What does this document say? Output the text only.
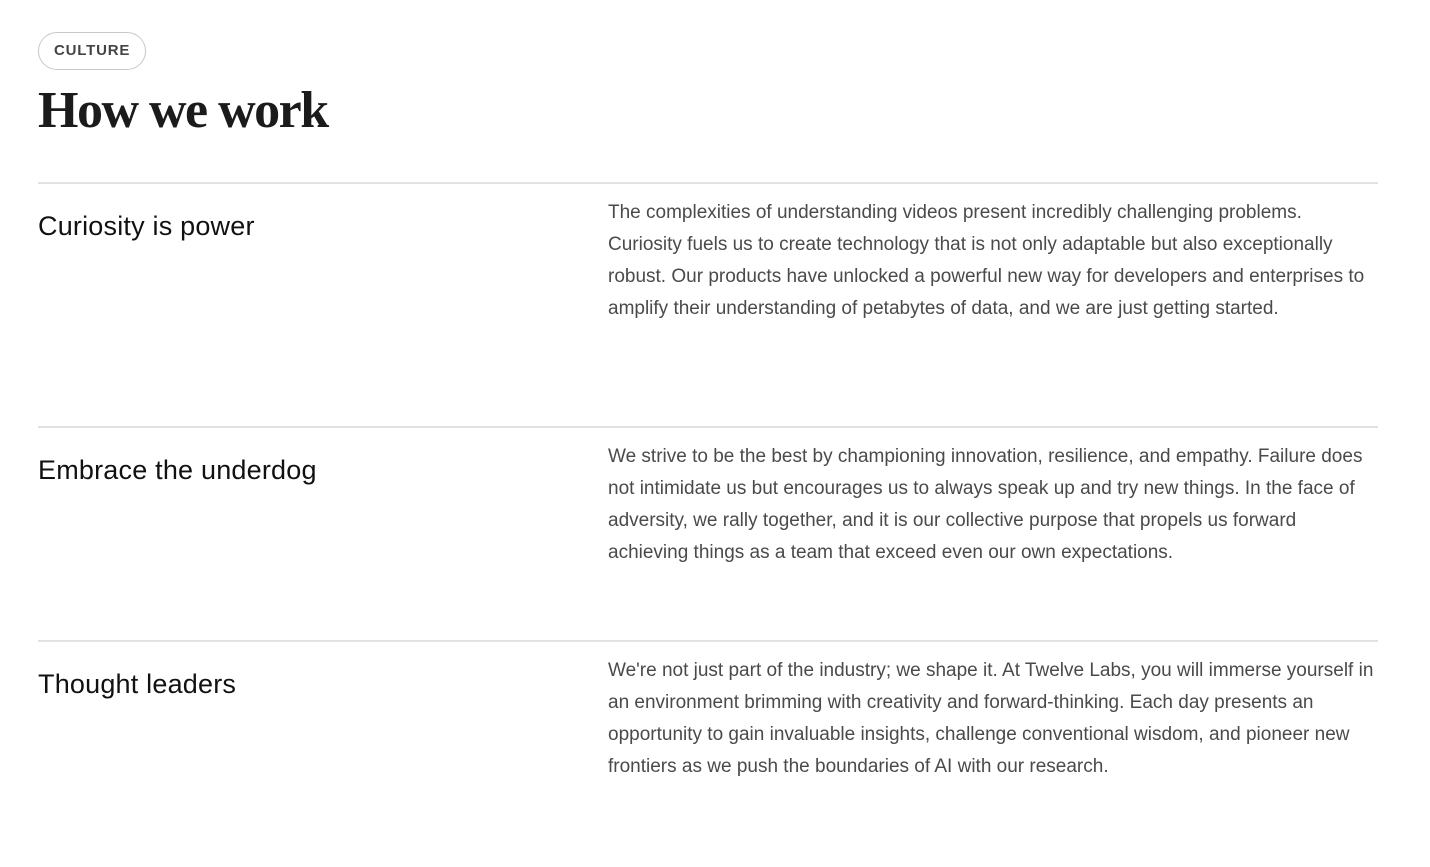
CULTURE
How we work
Curiosity is power	The complexities of understanding videos present incredibly challenging problems. Curiosity fuels us to create technology that is not only adaptable but also exceptionally robust. Our products have unlocked a powerful new way for developers and enterprises to amplify their understanding of petabytes of data, and we are just getting started.

Embrace the underdog	We strive to be the best by championing innovation, resilience, and empathy. Failure does not intimidate us but encourages us to always speak up and try new things. In the face of adversity, we rally together, and it is our collective purpose that propels us forward achieving things as a team that exceed even our own expectations.

Thought leaders	We're not just part of the industry; we shape it. At Twelve Labs, you will immerse yourself in an environment brimming with creativity and forward-thinking. Each day presents an opportunity to gain invaluable insights, challenge conventional wisdom, and pioneer new frontiers as we push the boundaries of AI with our research.
